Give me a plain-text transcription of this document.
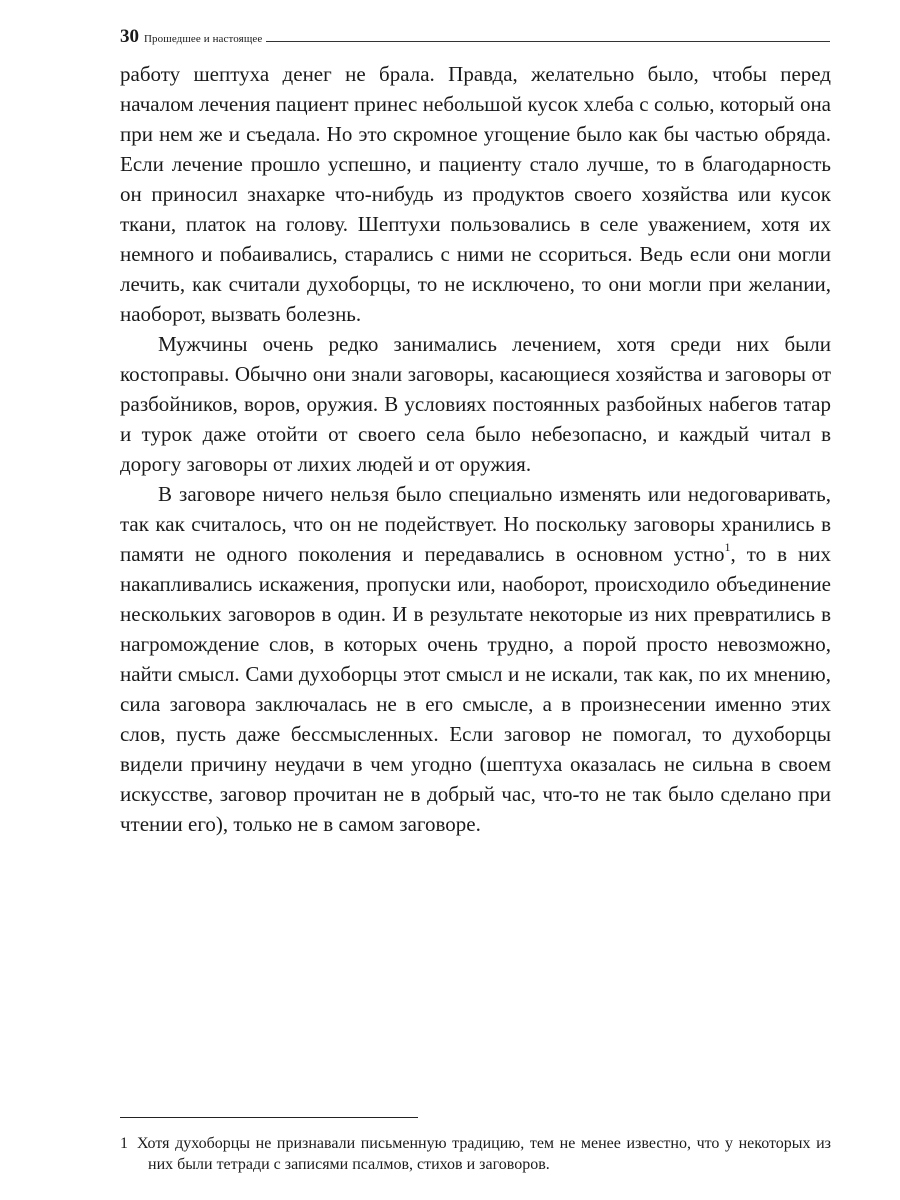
30 Прошедшее и настоящее

работу шептуха денег не брала. Правда, желательно было, чтобы перед началом лечения пациент принес небольшой кусок хлеба с солью, который она при нем же и съедала. Но это скромное угощение было как бы частью обряда. Если лечение прошло успешно, и пациенту стало лучше, то в благодарность он приносил знахарке что-нибудь из продуктов своего хозяйства или кусок ткани, платок на голову. Шептухи пользовались в селе уважением, хотя их немного и побаивались, старались с ними не ссориться. Ведь если они могли лечить, как считали духоборцы, то не исключено, то они могли при желании, наоборот, вызвать болезнь.

Мужчины очень редко занимались лечением, хотя среди них были костоправы. Обычно они знали заговоры, касающиеся хозяйства и заговоры от разбойников, воров, оружия. В условиях постоянных разбойных набегов татар и турок даже отойти от своего села было небезопасно, и каждый читал в дорогу заговоры от лихих людей и от оружия.

В заговоре ничего нельзя было специально изменять или недоговаривать, так как считалось, что он не подействует. Но поскольку заговоры хранились в памяти не одного поколения и передавались в основном устно$^1$, то в них накапливались искажения, пропуски или, наоборот, происходило объединение нескольких заговоров в один. И в результате некоторые из них превратились в нагромождение слов, в которых очень трудно, а порой просто невозможно, найти смысл. Сами духоборцы этот смысл и не искали, так как, по их мнению, сила заговора заключалась не в его смысле, а в произнесении именно этих слов, пусть даже бессмысленных. Если заговор не помогал, то духоборцы видели причину неудачи в чем угодно (шептуха оказалась не сильна в своем искусстве, заговор прочитан не в добрый час, что-то не так было сделано при чтении его), только не в самом заговоре.

1 Хотя духоборцы не признавали письменную традицию, тем не менее известно, что у некоторых из них были тетради с записями псалмов, стихов и заговоров.
